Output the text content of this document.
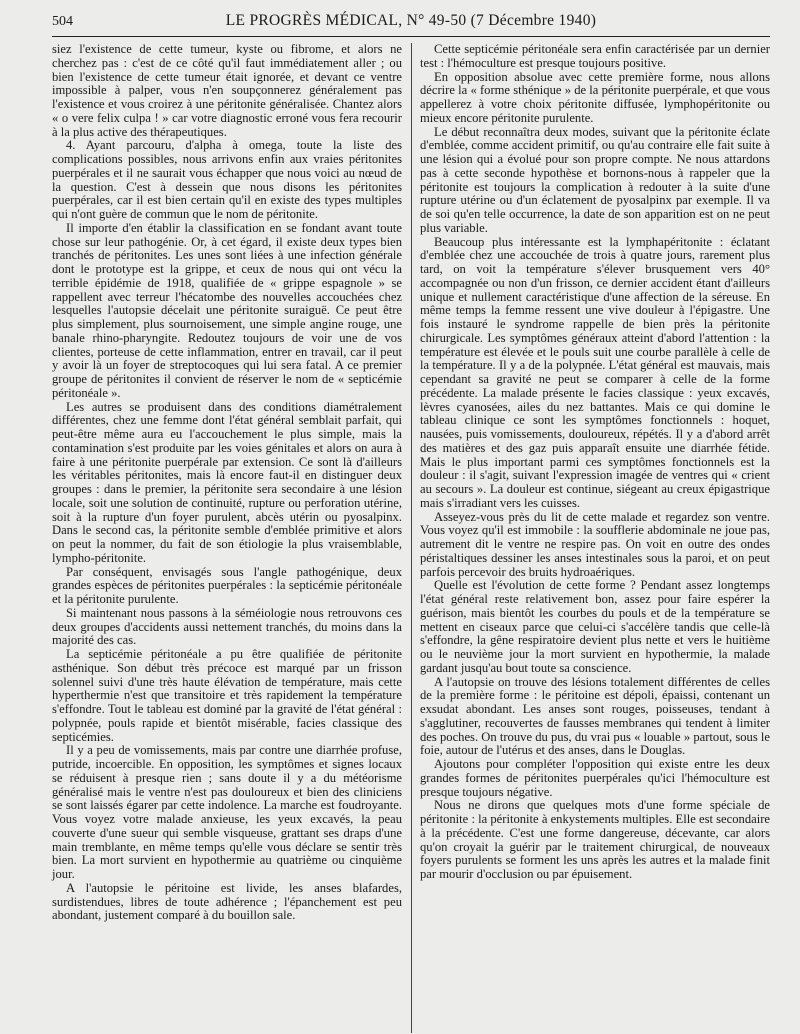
504	LE PROGRÈS MÉDICAL, N° 49-50 (7 Décembre 1940)

siez l'existence de cette tumeur, kyste ou fibrome, et alors ne cherchez pas : c'est de ce côté qu'il faut immédiatement aller ; ou bien l'existence de cette tumeur était ignorée, et devant ce ventre impossible à palper, vous n'en soupçonnerez généralement pas l'existence et vous croirez à une péritonite généralisée. Chantez alors « o vere felix culpa ! » car votre diagnostic erroné vous fera recourir à la plus active des thérapeutiques.

4. Ayant parcouru, d'alpha à omega, toute la liste des complications possibles, nous arrivons enfin aux vraies péritonites puerpérales et il ne saurait vous échapper que nous voici au nœud de la question. C'est à dessein que nous disons les péritonites puerpérales, car il est bien certain qu'il en existe des types multiples qui n'ont guère de commun que le nom de péritonite.

Il importe d'en établir la classification en se fondant avant toute chose sur leur pathogénie. Or, à cet égard, il existe deux types bien tranchés de péritonites. Les unes sont liées à une infection générale dont le prototype est la grippe, et ceux de nous qui ont vécu la terrible épidémie de 1918, qualifiée de « grippe espagnole » se rappellent avec terreur l'hécatombe des nouvelles accouchées chez lesquelles l'autopsie décelait une péritonite suraiguë. Ce peut être plus simplement, plus sournoisement, une simple angine rouge, une banale rhino-pharyngite. Redoutez toujours de voir une de vos clientes, porteuse de cette inflammation, entrer en travail, car il peut y avoir là un foyer de streptocoques qui lui sera fatal. A ce premier groupe de péritonites il convient de réserver le nom de « septicémie péritonéale ».

Les autres se produisent dans des conditions diamétralement différentes, chez une femme dont l'état général semblait parfait, qui peut-être même aura eu l'accouchement le plus simple, mais la contamination s'est produite par les voies génitales et alors on aura à faire à une péritonite puerpérale par extension. Ce sont là d'ailleurs les véritables péritonites, mais là encore faut-il en distinguer deux groupes : dans le premier, la péritonite sera secondaire à une lésion locale, soit une solution de continuité, rupture ou perforation utérine, soit à la rupture d'un foyer purulent, abcès utérin ou pyosalpinx. Dans le second cas, la péritonite semble d'emblée primitive et alors on peut la nommer, du fait de son étiologie la plus vraisemblable, lympho-péritonite.

Par conséquent, envisagés sous l'angle pathogénique, deux grandes espèces de péritonites puerpérales : la septicémie péritonéale et la péritonite purulente.

Si maintenant nous passons à la séméiologie nous retrouvons ces deux groupes d'accidents aussi nettement tranchés, du moins dans la majorité des cas.

La septicémie péritonéale a pu être qualifiée de péritonite asthénique. Son début très précoce est marqué par un frisson solennel suivi d'une très haute élévation de température, mais cette hyperthermie n'est que transitoire et très rapidement la température s'effondre. Tout le tableau est dominé par la gravité de l'état général : polypnée, pouls rapide et bientôt misérable, facies classique des septicémies.

Il y a peu de vomissements, mais par contre une diarrhée profuse, putride, incoercible. En opposition, les symptômes et signes locaux se réduisent à presque rien ; sans doute il y a du météorisme généralisé mais le ventre n'est pas douloureux et bien des cliniciens se sont laissés égarer par cette indolence. La marche est foudroyante. Vous voyez votre malade anxieuse, les yeux excavés, la peau couverte d'une sueur qui semble visqueuse, grattant ses draps d'une main tremblante, en même temps qu'elle vous déclare se sentir très bien. La mort survient en hypothermie au quatrième ou cinquième jour.

A l'autopsie le péritoine est livide, les anses blafardes, surdistendues, libres de toute adhérence ; l'épanchement est peu abondant, justement comparé à du bouillon sale.

Cette septicémie péritonéale sera enfin caractérisée par un dernier test : l'hémoculture est presque toujours positive.

En opposition absolue avec cette première forme, nous allons décrire la « forme sthénique » de la péritonite puerpérale, et que vous appellerez à votre choix péritonite diffusée, lymphopéritonite ou mieux encore péritonite purulente.

Le début reconnaîtra deux modes, suivant que la péritonite éclate d'emblée, comme accident primitif, ou qu'au contraire elle fait suite à une lésion qui a évolué pour son propre compte. Ne nous attardons pas à cette seconde hypothèse et bornons-nous à rappeler que la péritonite est toujours la complication à redouter à la suite d'une rupture utérine ou d'un éclatement de pyosalpinx par exemple. Il va de soi qu'en telle occurrence, la date de son apparition est on ne peut plus variable.

Beaucoup plus intéressante est la lymphapéritonite : éclatant d'emblée chez une accouchée de trois à quatre jours, rarement plus tard, on voit la température s'élever brusquement vers 40° accompagnée ou non d'un frisson, ce dernier accident étant d'ailleurs unique et nullement caractéristique d'une affection de la séreuse. En même temps la femme ressent une vive douleur à l'épigastre. Une fois instauré le syndrome rappelle de bien près la péritonite chirurgicale. Les symptômes généraux atteint d'abord l'attention : la température est élevée et le pouls suit une courbe parallèle à celle de la température. Il y a de la polypnée. L'état général est mauvais, mais cependant sa gravité ne peut se comparer à celle de la forme précédente. La malade présente le facies classique : yeux excavés, lèvres cyanosées, ailes du nez battantes. Mais ce qui domine le tableau clinique ce sont les symptômes fonctionnels : hoquet, nausées, puis vomissements, douloureux, répétés. Il y a d'abord arrêt des matières et des gaz puis apparaît ensuite une diarrhée fétide. Mais le plus important parmi ces symptômes fonctionnels est la douleur : il s'agit, suivant l'expression imagée de ventres qui « crient au secours ». La douleur est continue, siégeant au creux épigastrique mais s'irradiant vers les cuisses.

Asseyez-vous près du lit de cette malade et regardez son ventre. Vous voyez qu'il est immobile : la soufflerie abdominale ne joue pas, autrement dit le ventre ne respire pas. On voit en outre des ondes péristaltiques dessiner les anses intestinales sous la paroi, et on peut parfois percevoir des bruits hydroaériques.

Quelle est l'évolution de cette forme ? Pendant assez longtemps l'état général reste relativement bon, assez pour faire espérer la guérison, mais bientôt les courbes du pouls et de la température se mettent en ciseaux parce que celui-ci s'accélère tandis que celle-là s'effondre, la gêne respiratoire devient plus nette et vers le huitième ou le neuvième jour la mort survient en hypothermie, la malade gardant jusqu'au bout toute sa conscience.

A l'autopsie on trouve des lésions totalement différentes de celles de la première forme : le péritoine est dépoli, épaissi, contenant un exsudat abondant. Les anses sont rouges, poisseuses, tendant à s'agglutiner, recouvertes de fausses membranes qui tendent à limiter des poches. On trouve du pus, du vrai pus « louable » partout, sous le foie, autour de l'utérus et des anses, dans le Douglas.

Ajoutons pour compléter l'opposition qui existe entre les deux grandes formes de péritonites puerpérales qu'ici l'hémoculture est presque toujours négative.

Nous ne dirons que quelques mots d'une forme spéciale de péritonite : la péritonite à enkystements multiples. Elle est secondaire à la précédente. C'est une forme dangereuse, décevante, car alors qu'on croyait la guérir par le traitement chirurgical, de nouveaux foyers purulents se forment les uns après les autres et la malade finit par mourir d'occlusion ou par épuisement.
